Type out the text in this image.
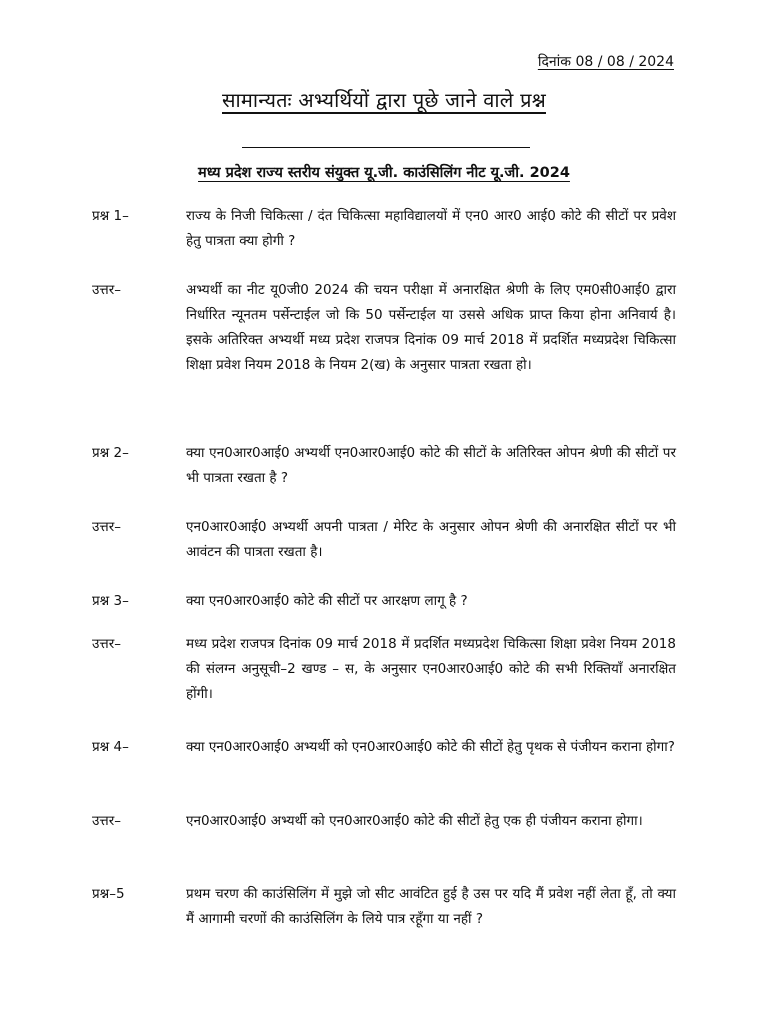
दिनांक 08 / 08 / 2024
सामान्यतः अभ्यर्थियों द्वारा पूछे जाने वाले प्रश्न
मध्य प्रदेश राज्य स्तरीय संयुक्त यू.जी. काउंसिलिंग नीट यू.जी. 2024
प्रश्न 1–	राज्य के निजी चिकित्सा / दंत चिकित्सा महाविद्यालयों में एन0 आर0 आई0 कोटे की सीटों पर प्रवेश हेतु पात्रता क्या होगी ?
उत्तर–	अभ्यर्थी का नीट यू0जी0 2024 की चयन परीक्षा में अनारक्षित श्रेणी के लिए एम0सी0आई0 द्वारा निर्धारित न्यूनतम पर्सेन्टाईल जो कि 50 पर्सेन्टाईल या उससे अधिक प्राप्त किया होना अनिवार्य है। इसके अतिरिक्त अभ्यर्थी मध्य प्रदेश राजपत्र दिनांक 09 मार्च 2018 में प्रदर्शित मध्यप्रदेश चिकित्सा शिक्षा प्रवेश नियम 2018 के नियम 2(ख) के अनुसार पात्रता रखता हो।
प्रश्न 2–	क्या एन0आर0आई0 अभ्यर्थी एन0आर0आई0 कोटे की सीटों के अतिरिक्त ओपन श्रेणी की सीटों पर भी पात्रता रखता है ?
उत्तर–	एन0आर0आई0 अभ्यर्थी अपनी पात्रता / मेरिट के अनुसार ओपन श्रेणी की अनारक्षित सीटों पर भी आवंटन की पात्रता रखता है।
प्रश्न 3–	क्या एन0आर0आई0 कोटे की सीटों पर आरक्षण लागू है ?
उत्तर–	मध्य प्रदेश राजपत्र दिनांक 09 मार्च 2018 में प्रदर्शित मध्यप्रदेश चिकित्सा शिक्षा प्रवेश नियम 2018 की संलग्न अनुसूची–2 खण्ड – स, के अनुसार एन0आर0आई0 कोटे की सभी रिक्तियाँ अनारक्षित होंगी।
प्रश्न 4–	क्या एन0आर0आई0 अभ्यर्थी को एन0आर0आई0 कोटे की सीटों हेतु पृथक से पंजीयन कराना होगा?
उत्तर–	एन0आर0आई0 अभ्यर्थी को एन0आर0आई0 कोटे की सीटों हेतु एक ही पंजीयन कराना होगा।
प्रश्न–5	प्रथम चरण की काउंसिलिंग में मुझे जो सीट आवंटित हुई है उस पर यदि मैं प्रवेश नहीं लेता हूँ, तो क्या मैं आगामी चरणों की काउंसिलिंग के लिये पात्र रहूँगा या नहीं ?
